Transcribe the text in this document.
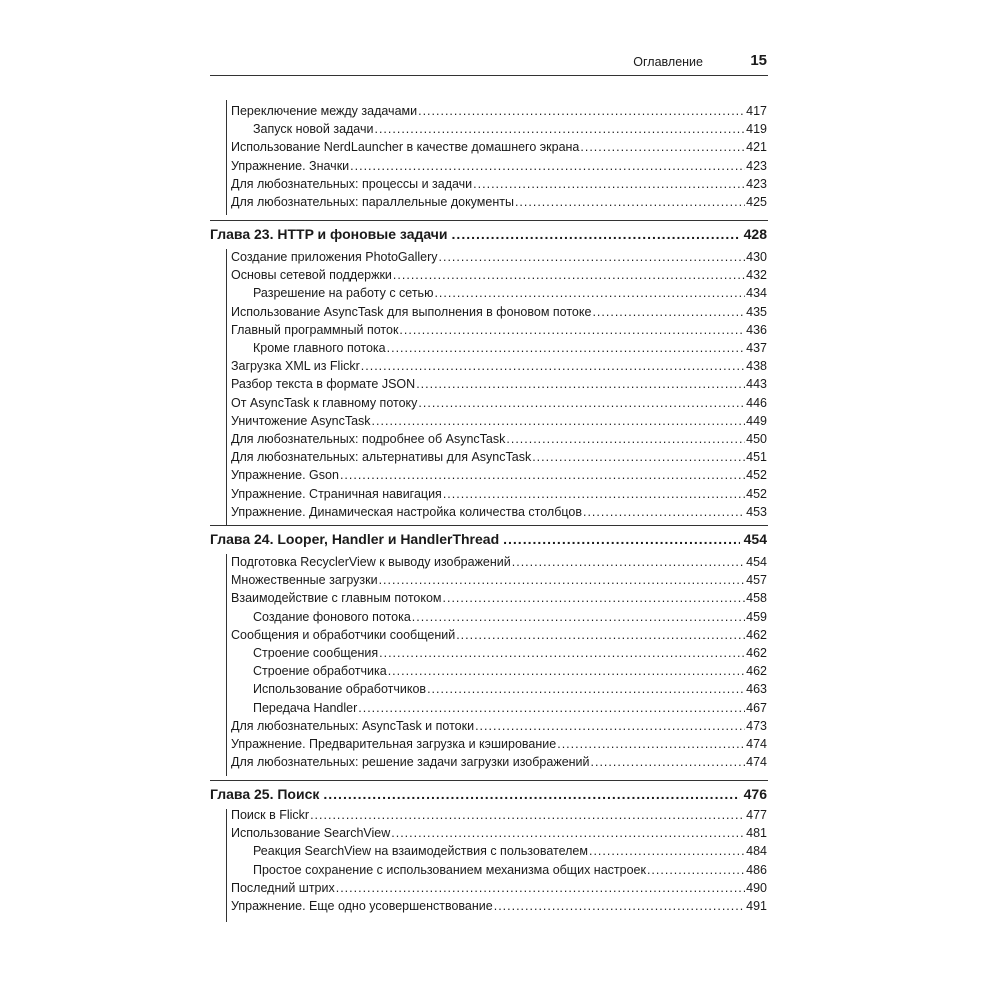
Оглавление	15
Переключение между задачами .....	417
Запуск новой задачи .....	419
Использование NerdLauncher в качестве домашнего экрана .....	421
Упражнение. Значки .....	423
Для любознательных: процессы и задачи .....	423
Для любознательных: параллельные документы .....	425
Глава 23. HTTP и фоновые задачи .....	428
Создание приложения PhotoGallery .....	430
Основы сетевой поддержки .....	432
Разрешение на работу с сетью .....	434
Использование AsyncTask для выполнения в фоновом потоке .....	435
Главный программный поток .....	436
Кроме главного потока .....	437
Загрузка XML из Flickr .....	438
Разбор текста в формате JSON .....	443
От AsyncTask к главному потоку .....	446
Уничтожение AsyncTask .....	449
Для любознательных: подробнее об AsyncTask .....	450
Для любознательных: альтернативы для AsyncTask .....	451
Упражнение. Gson .....	452
Упражнение. Страничная навигация .....	452
Упражнение. Динамическая настройка количества столбцов .....	453
Глава 24. Looper, Handler и HandlerThread .....	454
Подготовка RecyclerView к выводу изображений .....	454
Множественные загрузки .....	457
Взаимодействие с главным потоком .....	458
Создание фонового потока .....	459
Сообщения и обработчики сообщений .....	462
Строение сообщения .....	462
Строение обработчика .....	462
Использование обработчиков .....	463
Передача Handler .....	467
Для любознательных: AsyncTask и потоки .....	473
Упражнение. Предварительная загрузка и кэширование .....	474
Для любознательных: решение задачи загрузки изображений .....	474
Глава 25. Поиск .....	476
Поиск в Flickr .....	477
Использование SearchView .....	481
Реакция SearchView на взаимодействия с пользователем .....	484
Простое сохранение с использованием механизма общих настроек .....	486
Последний штрих .....	490
Упражнение. Еще одно усовершенствование .....	491
